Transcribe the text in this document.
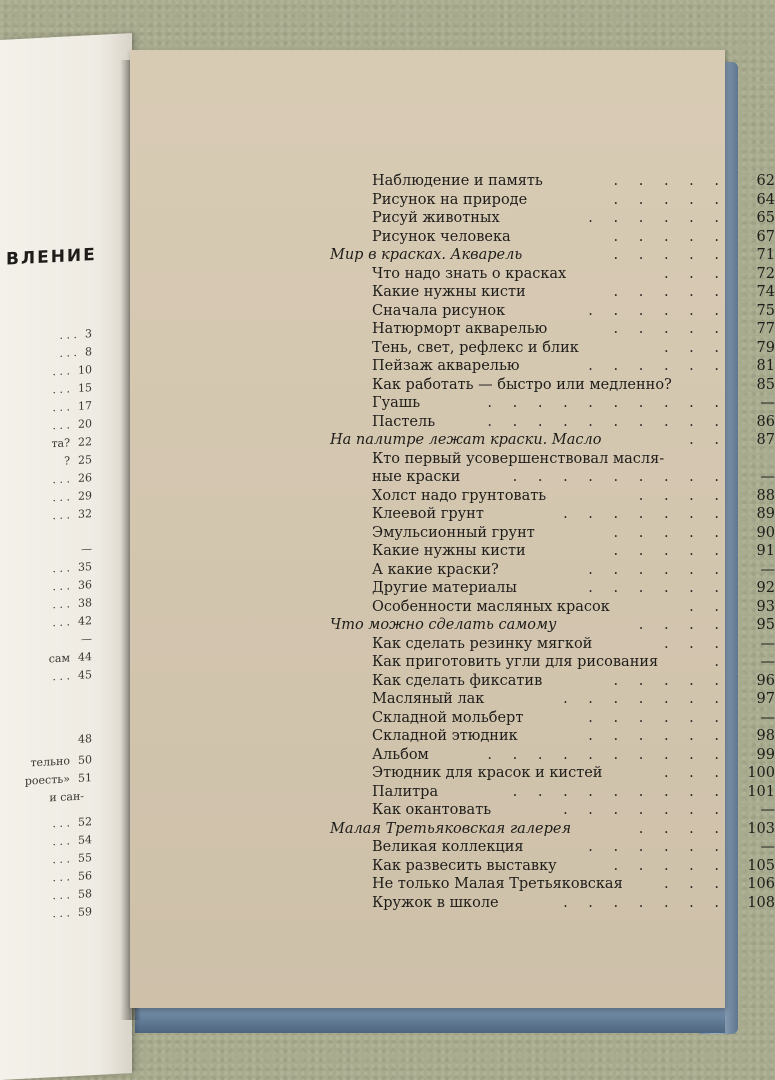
ВЛЕНИЕ
. . . 3
. . . 8
. . . 10
. . . 15
. . . 17
. . . 20
та? 22
? 25
. . . 26
. . . 29
. . . 32
—
. . . 35
. . . 36
. . . 38
. . . 42
—
сам 44
. . . 45
48
тельно 50
роесть» 51
и сан-
. . . 52
. . . 54
. . . 55
. . . 56
. . . 58
. . . 59
Наблюдение и память	. . . . .	62
Рисунок на природе	. . . . .	64
Рисуй животных	. . . . . .	65
Рисунок человека	. . . . .	67
Мир в красках. Акварель	. . . . .	71
Что надо знать о красках	. . .	72
Какие нужны кисти	. . . . .	74
Сначала рисунок	. . . . . .	75
Натюрморт акварелью	. . . . .	77
Тень, свет, рефлекс и блик	. . .	79
Пейзаж акварелью	. . . . . .	81
Как работать — быстро или медленно?	85
Гуашь	. . . . . . . . . .	—
Пастель	. . . . . . . . . .	86
На палитре лежат краски. Масло	. .	87
Кто первый усовершенствовал масля-
ные краски	. . . . . . . . .	—
Холст надо грунтовать	. . . .	88
Клеевой грунт	. . . . . . .	89
Эмульсионный грунт	. . . . .	90
Какие нужны кисти	. . . . .	91
А какие краски?	. . . . . .	—
Другие материалы	. . . . . .	92
Особенности масляных красок	. .	93
Что можно сделать самому	. . . .	95
Как сделать резинку мягкой	. . .	—
Как приготовить угли для рисования	.	—
Как сделать фиксатив	. . . . .	96
Масляный лак	. . . . . . .	97
Складной мольберт	. . . . . .	—
Складной этюдник	. . . . . .	98
Альбом	. . . . . . . . . .	99
Этюдник для красок и кистей	. . .	100
Палитра	. . . . . . . . .	101
Как окантовать	. . . . . . .	—
Малая Третьяковская галерея	. . . .	103
Великая коллекция	. . . . . .	—
Как развесить выставку	. . . . .	105
Не только Малая Третьяковская	. . .	106
Кружок в школе	. . . . . . .	108
